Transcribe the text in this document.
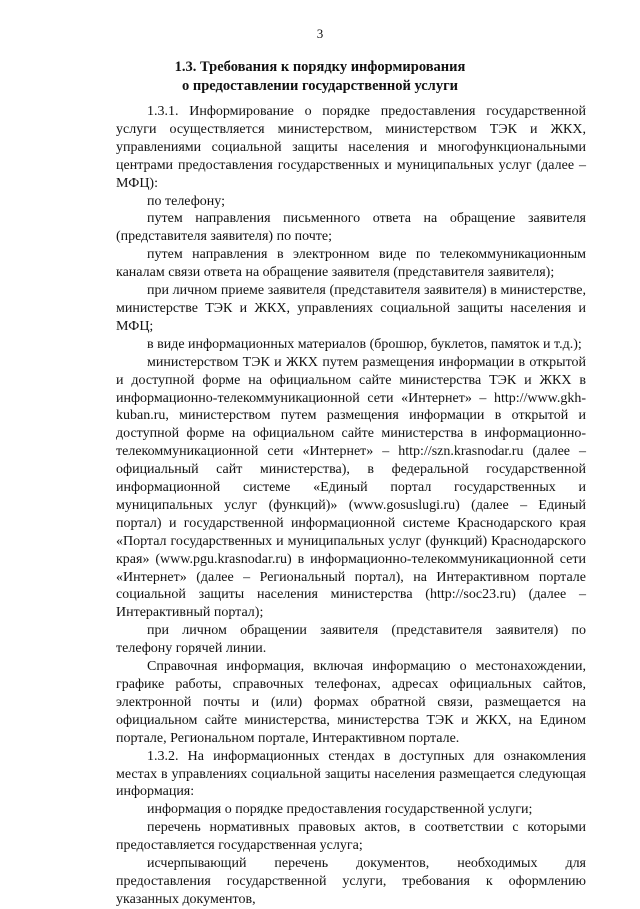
3
1.3. Требования к порядку информирования
о предоставлении государственной услуги

1.3.1. Информирование о порядке предоставления государственной услуги осуществляется министерством, министерством ТЭК и ЖКХ, управлениями социальной защиты населения и многофункциональными центрами предоставления государственных и муниципальных услуг (далее – МФЦ):

по телефону;

путем направления письменного ответа на обращение заявителя (представителя заявителя) по почте;

путем направления в электронном виде по телекоммуникационным каналам связи ответа на обращение заявителя (представителя заявителя);

при личном приеме заявителя (представителя заявителя) в министерстве, министерстве ТЭК и ЖКХ, управлениях социальной защиты населения и МФЦ;

в виде информационных материалов (брошюр, буклетов, памяток и т.д.);

министерством ТЭК и ЖКХ путем размещения информации в открытой и доступной форме на официальном сайте министерства ТЭК и ЖКХ в информационно-телекоммуникационной сети «Интернет» – http://www.gkh-kuban.ru, министерством путем размещения информации в открытой и доступной форме на официальном сайте министерства в информационно-телекоммуникационной сети «Интернет» – http://szn.krasnodar.ru (далее – официальный сайт министерства), в федеральной государственной информационной системе «Единый портал государственных и муниципальных услуг (функций)» (www.gosuslugi.ru) (далее – Единый портал) и государственной информационной системе Краснодарского края «Портал государственных и муниципальных услуг (функций) Краснодарского края» (www.pgu.krasnodar.ru) в информационно-телекоммуникационной сети «Интернет» (далее – Региональный портал), на Интерактивном портале социальной защиты населения министерства (http://soc23.ru) (далее – Интерактивный портал);

при личном обращении заявителя (представителя заявителя) по телефону горячей линии.

Справочная информация, включая информацию о местонахождении, графике работы, справочных телефонах, адресах официальных сайтов, электронной почты и (или) формах обратной связи, размещается на официальном сайте министерства, министерства ТЭК и ЖКХ, на Едином портале, Региональном портале, Интерактивном портале.

1.3.2. На информационных стендах в доступных для ознакомления местах в управлениях социальной защиты населения размещается следующая информация:

информация о порядке предоставления государственной услуги;

перечень нормативных правовых актов, в соответствии с которыми предоставляется государственная услуга;

исчерпывающий перечень документов, необходимых для предоставления государственной услуги, требования к оформлению указанных документов,
